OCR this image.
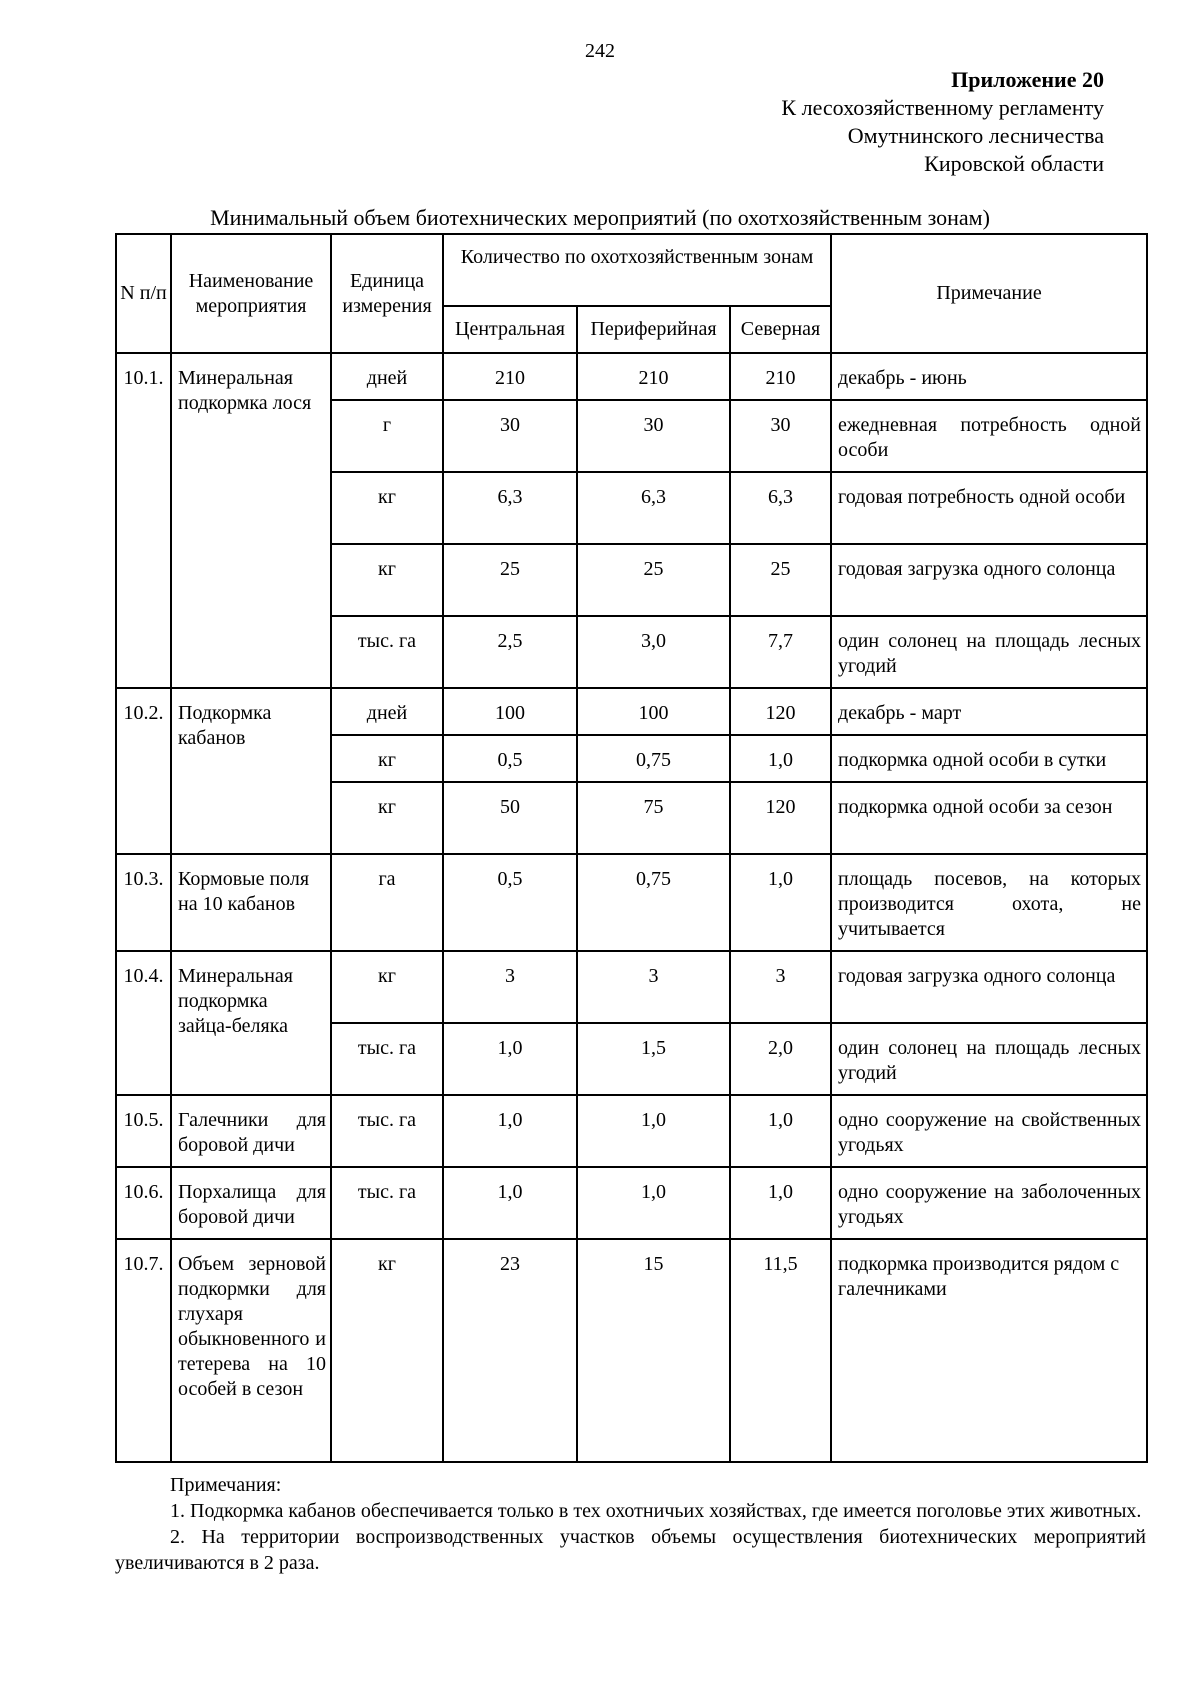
242
Приложение 20
К лесохозяйственному регламенту
Омутнинского лесничества
Кировской области
Минимальный объем биотехнических мероприятий (по охотхозяйственным зонам)
N п/п	Наименование мероприятия	Единица измерения	Количество по охотхозяйственным зонам			Примечание
			Центральная	Периферийная	Северная	
10.1.	Минеральная подкормка лося	дней	210	210	210	декабрь - июнь
		г	30	30	30	ежедневная потребность одной особи
		кг	6,3	6,3	6,3	годовая потребность одной особи
		кг	25	25	25	годовая загрузка одного солонца
		тыс. га	2,5	3,0	7,7	один солонец на площадь лесных угодий
10.2.	Подкормка кабанов	дней	100	100	120	декабрь - март
		кг	0,5	0,75	1,0	подкормка одной особи в сутки
		кг	50	75	120	подкормка одной особи за сезон
10.3.	Кормовые поля на 10 кабанов	га	0,5	0,75	1,0	площадь посевов, на которых производится охота, не учитывается
10.4.	Минеральная подкормка зайца-беляка	кг	3	3	3	годовая загрузка одного солонца
		тыс. га	1,0	1,5	2,0	один солонец на площадь лесных угодий
10.5.	Галечники для боровой дичи	тыс. га	1,0	1,0	1,0	одно сооружение на свойственных угодьях
10.6.	Порхалища для боровой дичи	тыс. га	1,0	1,0	1,0	одно сооружение на заболоченных угодьях
10.7.	Объем зерновой подкормки для глухаря обыкновенного и тетерева на 10 особей в сезон	кг	23	15	11,5	подкормка производится рядом с галечниками

Примечания:

1. Подкормка кабанов обеспечивается только в тех охотничьих хозяйствах, где имеется поголовье этих животных.

2. На территории воспроизводственных участков объемы осуществления биотехнических мероприятий увеличиваются в 2 раза.
